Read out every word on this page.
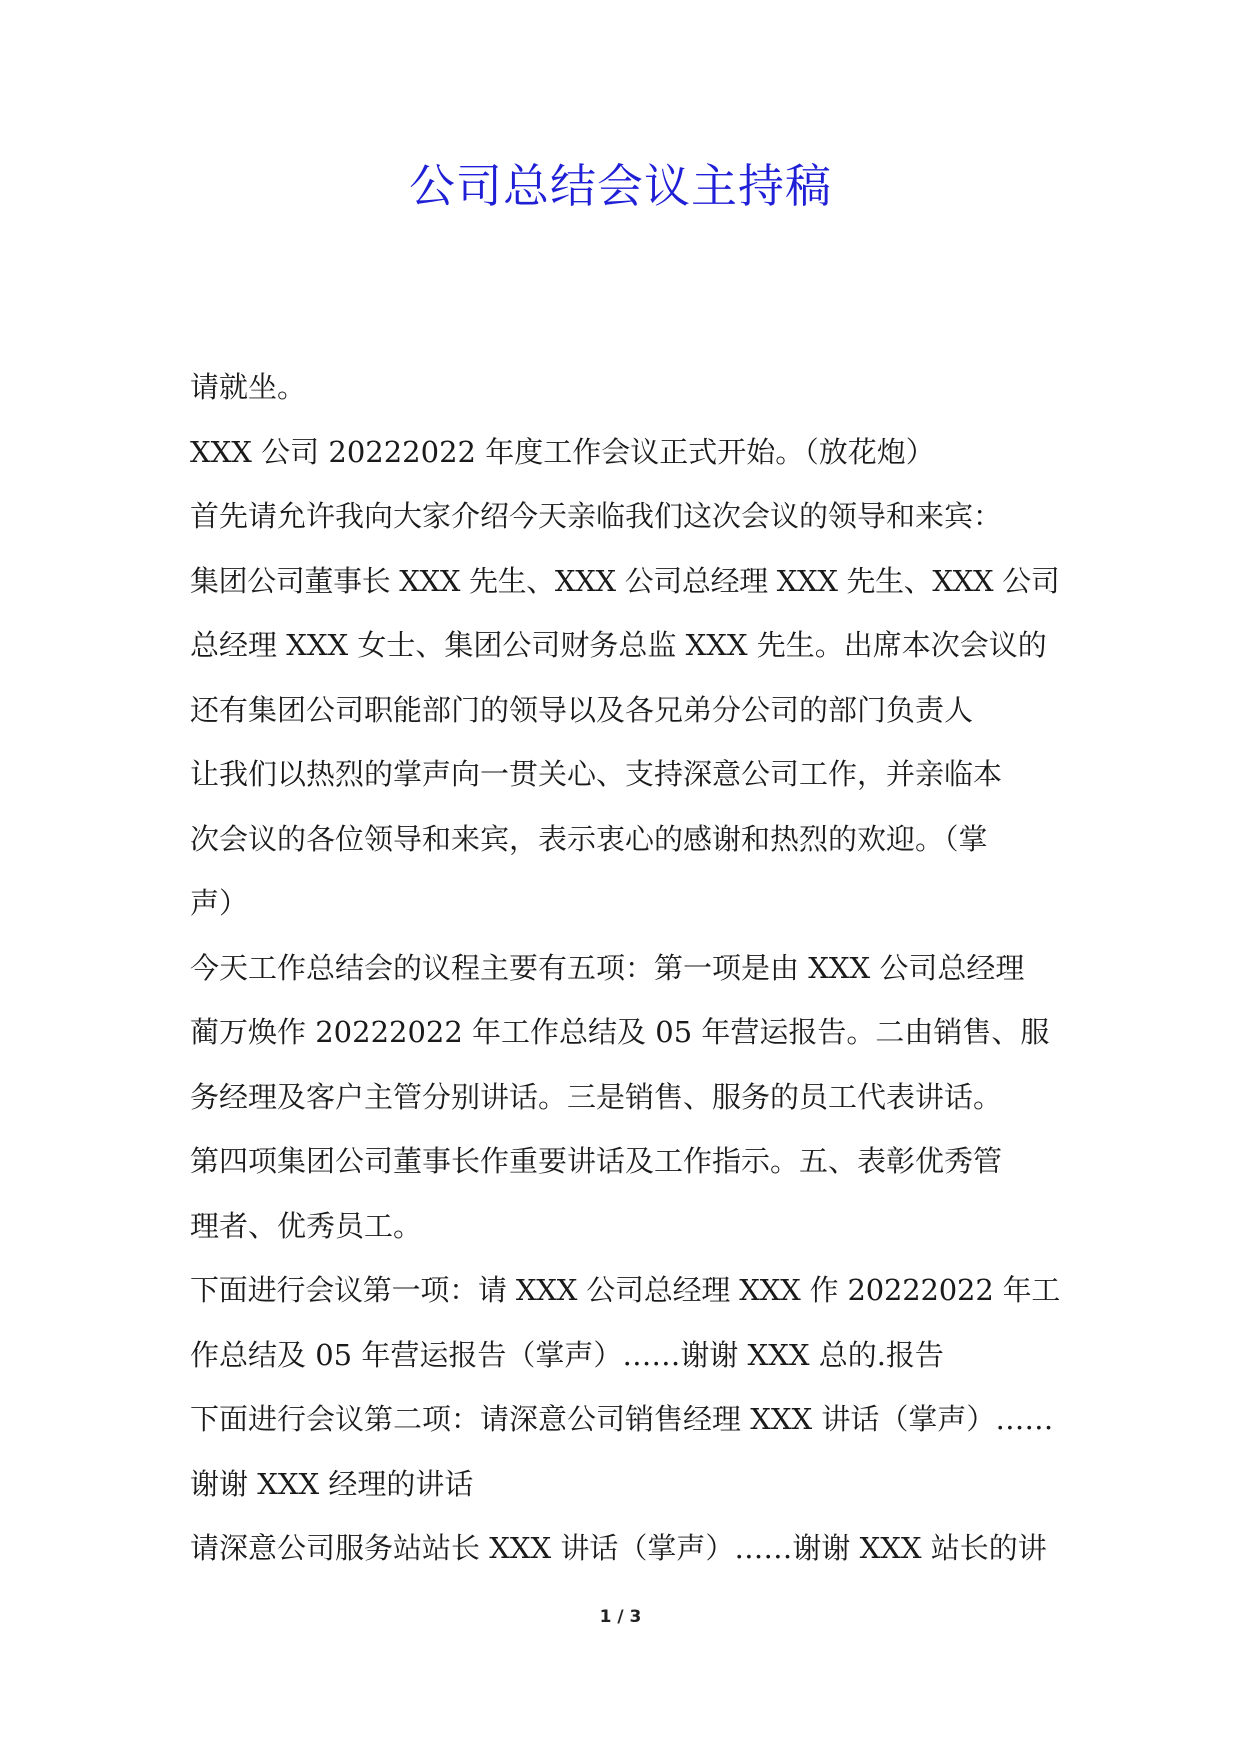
公司总结会议主持稿

请就坐。

XXX 公司 20222022 年度工作会议正式开始。（放花炮）

首先请允许我向大家介绍今天亲临我们这次会议的领导和来宾：

集团公司董事长 XXX 先生、XXX 公司总经理 XXX 先生、XXX 公司

总经理 XXX 女士、集团公司财务总监 XXX 先生。出席本次会议的

还有集团公司职能部门的领导以及各兄弟分公司的部门负责人

让我们以热烈的掌声向一贯关心、支持深意公司工作，并亲临本

次会议的各位领导和来宾，表示衷心的感谢和热烈的欢迎。（掌

声）

今天工作总结会的议程主要有五项：第一项是由 XXX 公司总经理

蔺万焕作 20222022 年工作总结及 05 年营运报告。二由销售、服

务经理及客户主管分别讲话。三是销售、服务的员工代表讲话。

第四项集团公司董事长作重要讲话及工作指示。五、表彰优秀管

理者、优秀员工。

下面进行会议第一项：请 XXX 公司总经理 XXX 作 20222022 年工

作总结及 05 年营运报告（掌声）……谢谢 XXX 总的.报告

下面进行会议第二项：请深意公司销售经理 XXX 讲话（掌声）……

谢谢 XXX 经理的讲话

请深意公司服务站站长 XXX 讲话（掌声）……谢谢 XXX 站长的讲

1 / 3
